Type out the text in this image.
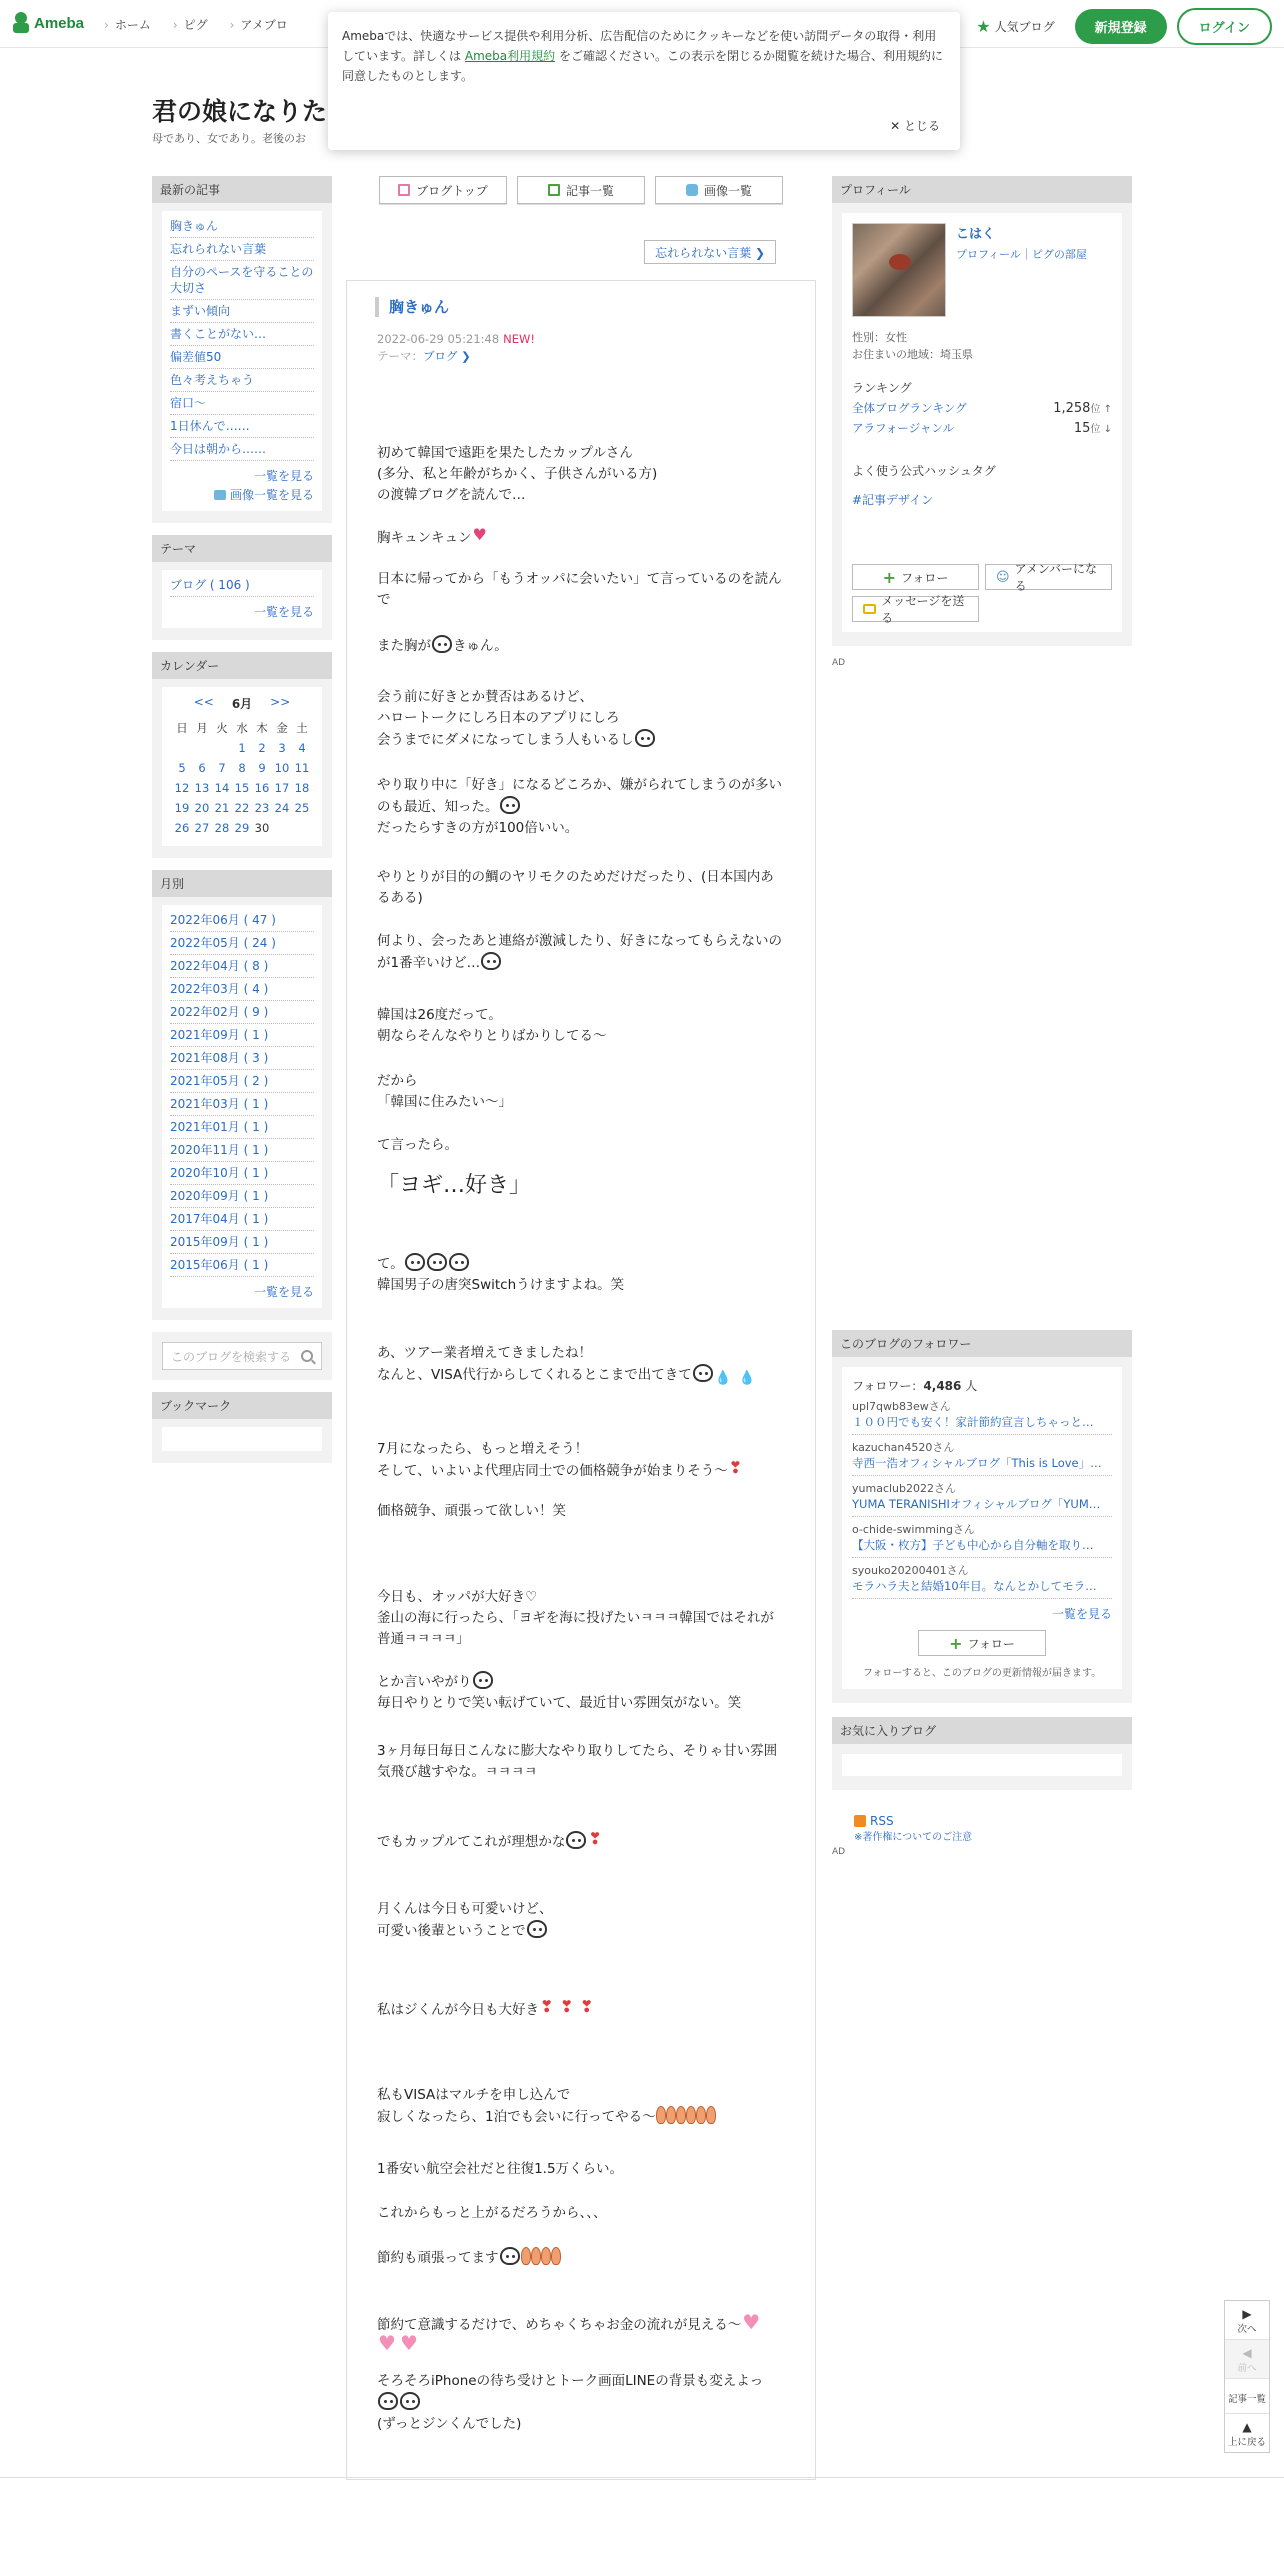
Ameba	› ホーム	› ピグ	› アメブロ	★ 人気ブログ	新規登録	ログイン
君の娘になりた
母であり、女であり。老後のお
Amebaでは、快適なサービス提供や利用分析、広告配信のためにクッキーなどを使い訪問データの取得・利用しています。詳しくは Ameba利用規約 をご確認ください。この表示を閉じるか閲覧を続けた場合、利用規約に同意したものとします。
✕ とじる
最新の記事
胸きゅん
忘れられない言葉
自分のペースを守ることの大切さ
まずい傾向
書くことがない…
偏差値50
色々考えちゃう
宿口〜
1日休んで……
今日は朝から……
一覧を見る
画像一覧を見る
テーマ
ブログ ( 106 )
一覧を見る
カレンダー
<< 6月 >>
日	月	火	水	木	金	土
			1	2	3	4
5	6	7	8	9	10	11
12	13	14	15	16	17	18
19	20	21	22	23	24	25
26	27	28	29	30		
月別
2022年06月 ( 47 )
2022年05月 ( 24 )
2022年04月 ( 8 )
2022年03月 ( 4 )
2022年02月 ( 9 )
2021年09月 ( 1 )
2021年08月 ( 3 )
2021年05月 ( 2 )
2021年03月 ( 1 )
2021年01月 ( 1 )
2020年11月 ( 1 )
2020年10月 ( 1 )
2020年09月 ( 1 )
2017年04月 ( 1 )
2015年09月 ( 1 )
2015年06月 ( 1 )
一覧を見る
このブログを検索する
ブックマーク
ブログトップ	記事一覧	画像一覧
忘れられない言葉 ❯
胸きゅん
2022-06-29 05:21:48 NEW!
テーマ：ブログ ❯

初めて韓国で遠距を果たしたカップルさん
(多分、私と年齢がちかく、子供さんがいる方)
の渡韓ブログを読んで…

胸キュンキュン♥

日本に帰ってから「もうオッパに会いたい」て言っているのを読んで

また胸が きゅん。

会う前に好きとか賛否はあるけど、
ハロートークにしろ日本のアプリにしろ
会うまでにダメになってしまう人もいるし

やり取り中に「好き」になるどころか、嫌がられてしまうのが多いのも最近、知った。
だったらすきの方が100倍いい。

やりとりが目的の鯛のヤリモクのためだけだったり、(日本国内あるある)

何より、会ったあと連絡が激減したり、好きになってもらえないのが1番辛いけど…

韓国は26度だって。
朝ならそんなやりとりばかりしてる〜

だから
「韓国に住みたい〜」

て言ったら。

「ヨギ…好き」

て。
韓国男子の唐突Switchうけますよね。笑

あ、ツアー業者増えてきましたね！
なんと、VISA代行からしてくれるとこまで出てきて 💧 💧

7月になったら、もっと増えそう！
そして、いよいよ代理店同士での価格競争が始まりそう〜❣

価格競争、頑張って欲しい！笑

今日も、オッパが大好き♡
釜山の海に行ったら、「ヨギを海に投げたいㅋㅋㅋ韓国ではそれが普通ㅋㅋㅋㅋ」

とか言いやがり
毎日やりとりで笑い転げていて、最近甘い雰囲気がない。笑

3ヶ月毎日毎日こんなに膨大なやり取りしてたら、そりゃ甘い雰囲気飛び越すやな。ㅋㅋㅋㅋ

でもカップルてこれが理想かな❣

月くんは今日も可愛いけど、
可愛い後輩ということで

私はジくんが今日も大好き❣❣❣

私もVISAはマルチを申し込んで
寂しくなったら、1泊でも会いに行ってやる〜

1番安い航空会社だと往復1.5万くらい。

これからもっと上がるだろうから、、、

節約も頑張ってます

節約て意識するだけで、めちゃくちゃお金の流れが見える〜♥
♥♥

そろそろiPhoneの待ち受けとトーク画面LINEの背景も変えよっ

(ずっとジンくんでした)

プロフィール
こはく
プロフィール｜ピグの部屋
性別：女性
お住まいの地域：埼玉県
ランキング
全体ブログランキング	1,258位 ↑
アラフォージャンル	15位 ↓
よく使う公式ハッシュタグ
#記事デザイン
+ フォロー	☺
アメンバーになる
メッセージを送る
AD
このブログのフォロワー
フォロワー：4,486 人
upl7qwb83ewさん
１００円でも安く！家計節約宣言しちゃっと…
kazuchan4520さん
寺西一浩オフィシャルブログ「This is Love」…
yumaclub2022さん
YUMA TERANISHIオフィシャルブログ「YUM…
o-chide-swimmingさん
【大阪・枚方】子ども中心から自分軸を取り…
syouko20200401さん
モラハラ夫と結婚10年目。なんとかしてモラ…
一覧を見る
+ フォロー
フォローすると、このブログの更新情報が届きます。
お気に入りブログ
RSS
※著作権についてのご注意
AD
▶
次へ
◀
前へ
記事一覧
▲
上に戻る
